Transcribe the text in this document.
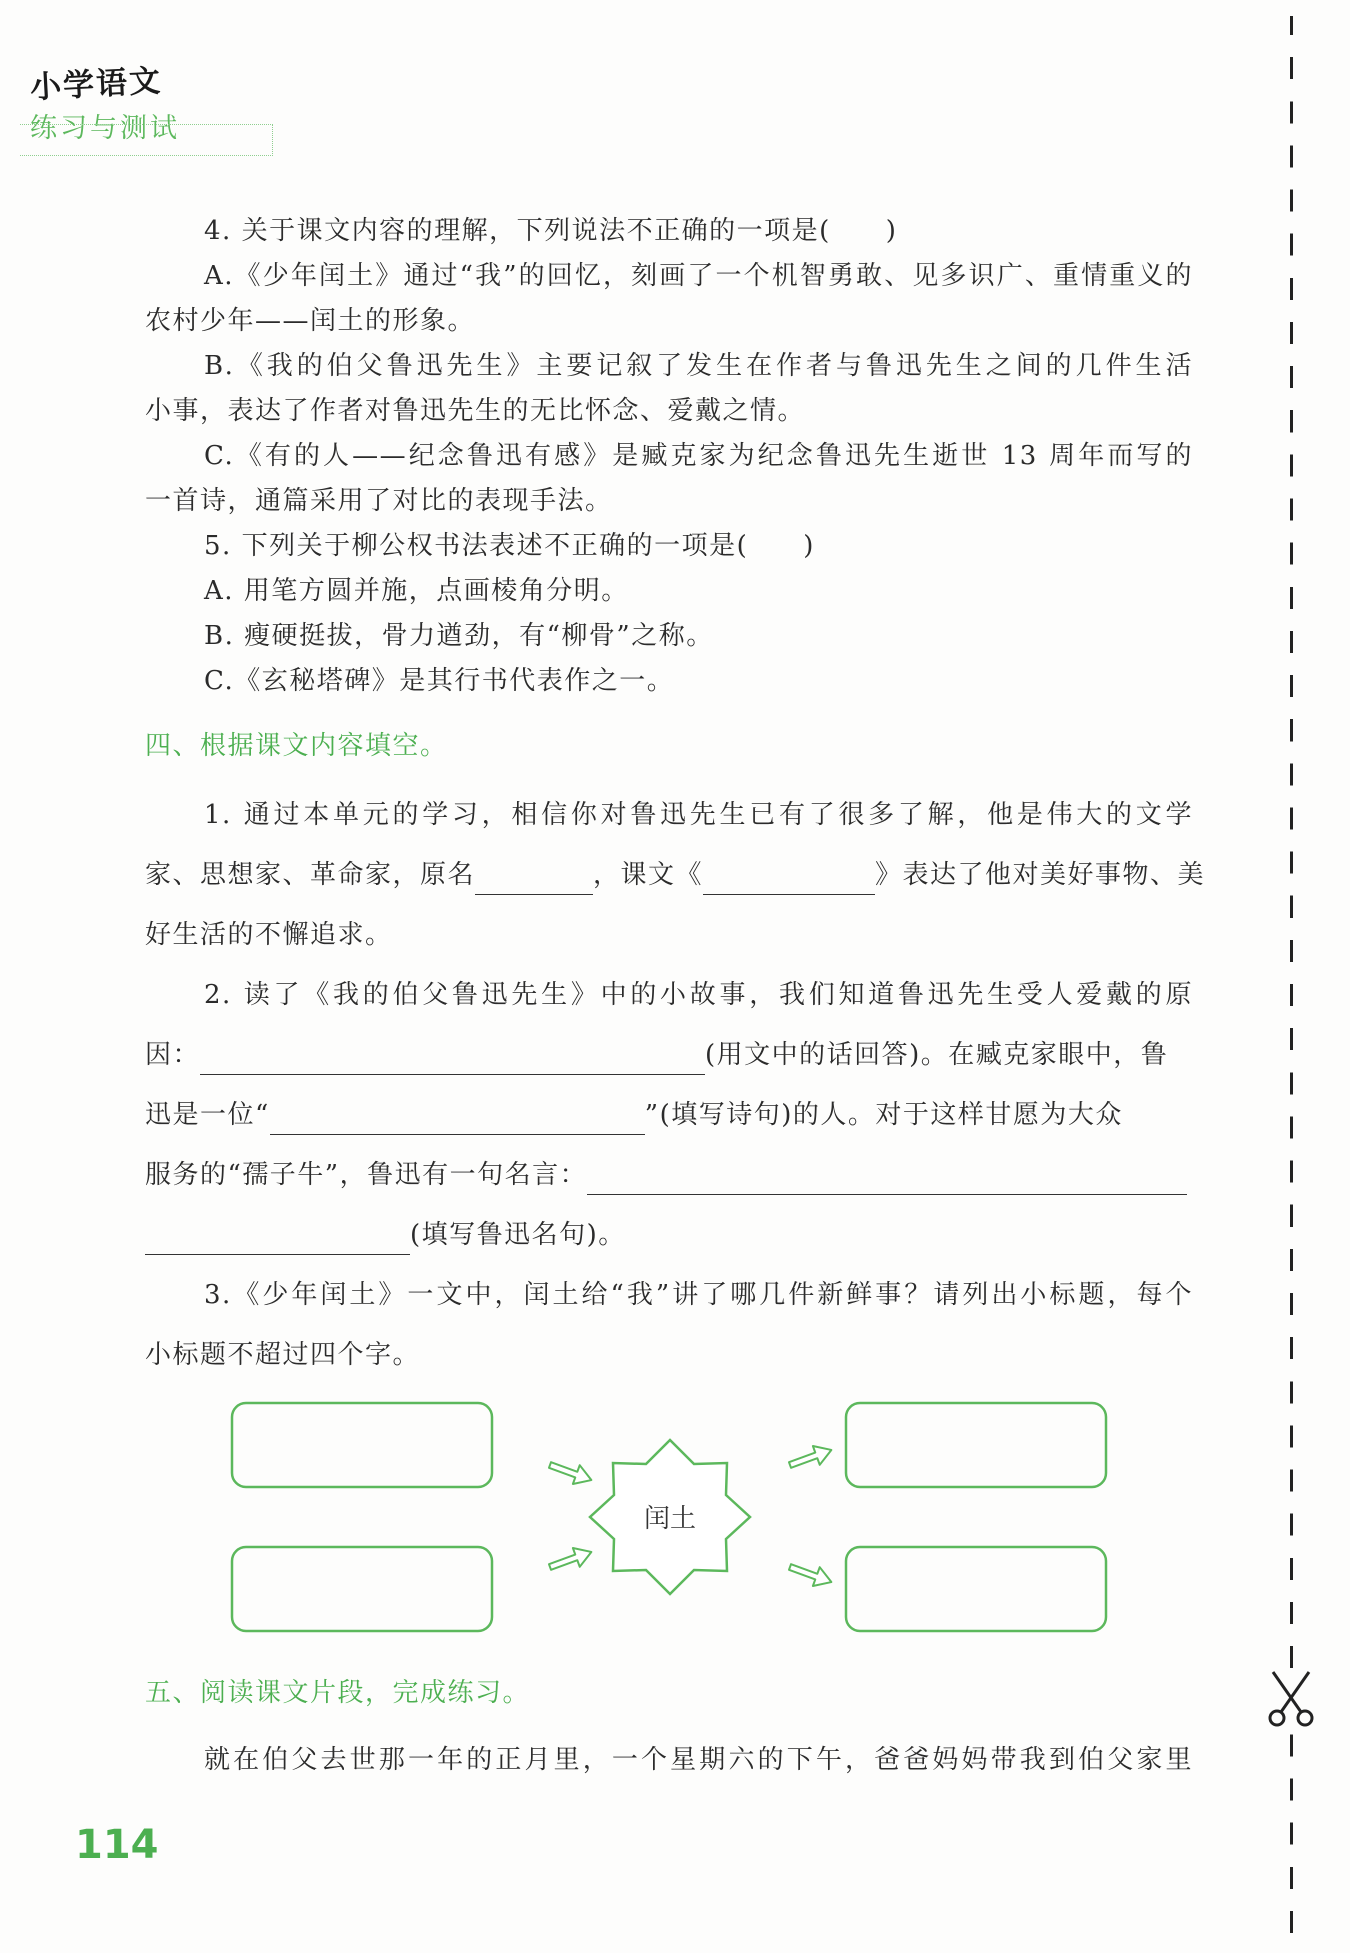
小学语文
练习与测试
4. 关于课文内容的理解，下列说法不正确的一项是(　　)
A.《少年闰土》通过“我”的回忆，刻画了一个机智勇敢、见多识广、重情重义的
农村少年——闰土的形象。
B.《我的伯父鲁迅先生》主要记叙了发生在作者与鲁迅先生之间的几件生活
小事，表达了作者对鲁迅先生的无比怀念、爱戴之情。
C.《有的人——纪念鲁迅有感》是臧克家为纪念鲁迅先生逝世 13 周年而写的
一首诗，通篇采用了对比的表现手法。
5. 下列关于柳公权书法表述不正确的一项是(　　)
A. 用笔方圆并施，点画棱角分明。
B. 瘦硬挺拔，骨力遒劲，有“柳骨”之称。
C.《玄秘塔碑》是其行书代表作之一。
四、根据课文内容填空。
1. 通过本单元的学习，相信你对鲁迅先生已有了很多了解，他是伟大的文学
家、思想家、革命家，原名	，课文《	》表达了他对美好事物、美
好生活的不懈追求。
2. 读了《我的伯父鲁迅先生》中的小故事，我们知道鲁迅先生受人爱戴的原
因：	(用文中的话回答)。在臧克家眼中，鲁
迅是一位“	”(填写诗句)的人。对于这样甘愿为大众
服务的“孺子牛”，鲁迅有一句名言：
(填写鲁迅名句)。
3.《少年闰土》一文中，闰土给“我”讲了哪几件新鲜事？请列出小标题，每个
小标题不超过四个字。
闰土
五、阅读课文片段，完成练习。
就在伯父去世那一年的正月里，一个星期六的下午，爸爸妈妈带我到伯父家里
114
